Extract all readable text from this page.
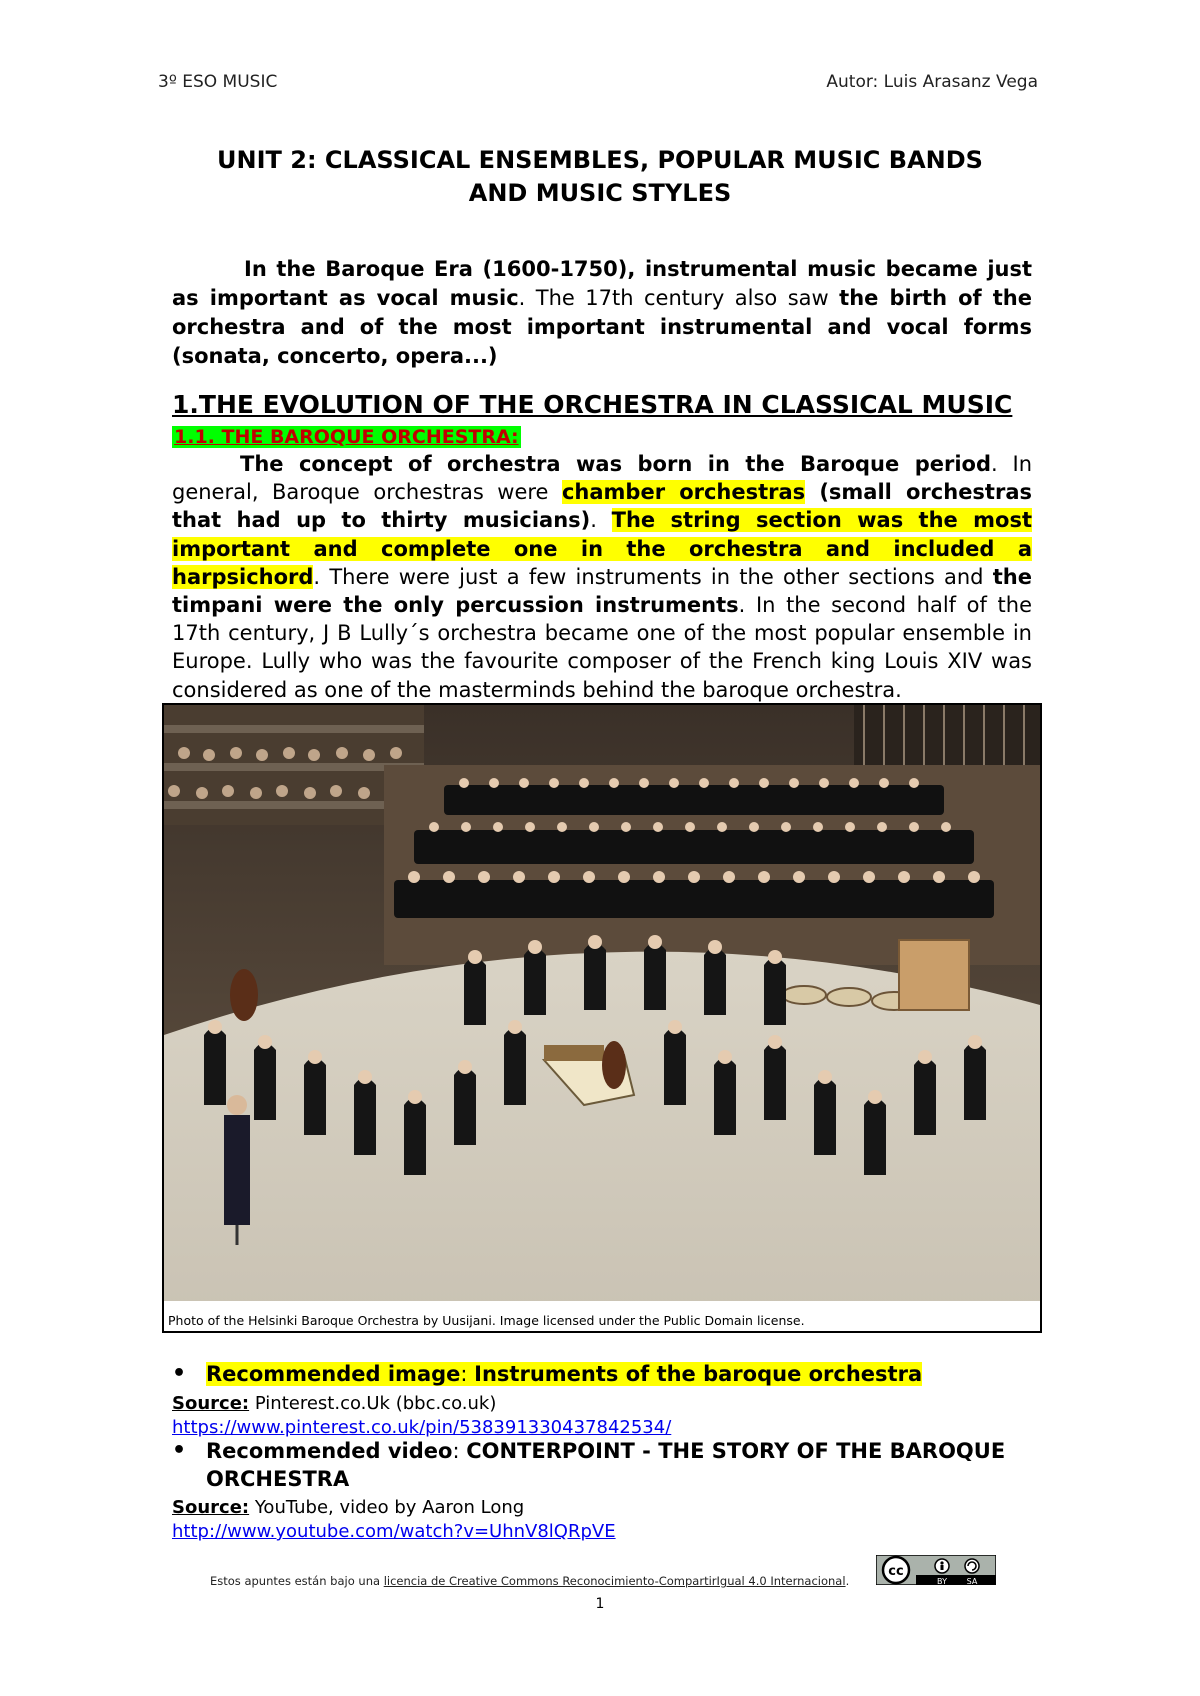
3º ESO MUSIC	Autor: Luis Arasanz Vega
UNIT 2: CLASSICAL ENSEMBLES, POPULAR MUSIC BANDS
AND MUSIC STYLES
In the Baroque Era (1600-1750), instrumental music became just as important as vocal music. The 17th century also saw the birth of the orchestra and of the most important instrumental and vocal forms (sonata, concerto, opera...)
1.THE EVOLUTION OF THE ORCHESTRA IN CLASSICAL MUSIC
1.1. THE BAROQUE ORCHESTRA:
The concept of orchestra was born in the Baroque period. In general, Baroque orchestras were chamber orchestras (small orchestras that had up to thirty musicians). The string section was the most important and complete one in the orchestra and included a harpsichord. There were just a few instruments in the other sections and the timpani were the only percussion instruments. In the second half of the 17th century, J B Lully´s orchestra became one of the most popular ensemble in Europe. Lully who was the favourite composer of the French king Louis XIV was considered as one of the masterminds behind the baroque orchestra.
Photo of the Helsinki Baroque Orchestra by Uusijani. Image licensed under the Public Domain license.
• Recommended image: Instruments of the baroque orchestra
Source: Pinterest.co.Uk (bbc.co.uk)
https://www.pinterest.co.uk/pin/538391330437842534/
• Recommended video: CONTERPOINT - THE STORY OF THE BAROQUE ORCHESTRA
Source: YouTube, video by Aaron Long
http://www.youtube.com/watch?v=UhnV8lQRpVE
Estos apuntes están bajo una licencia de Creative Commons Reconocimiento-CompartirIgual 4.0 Internacional.
cc
BY SA
1
